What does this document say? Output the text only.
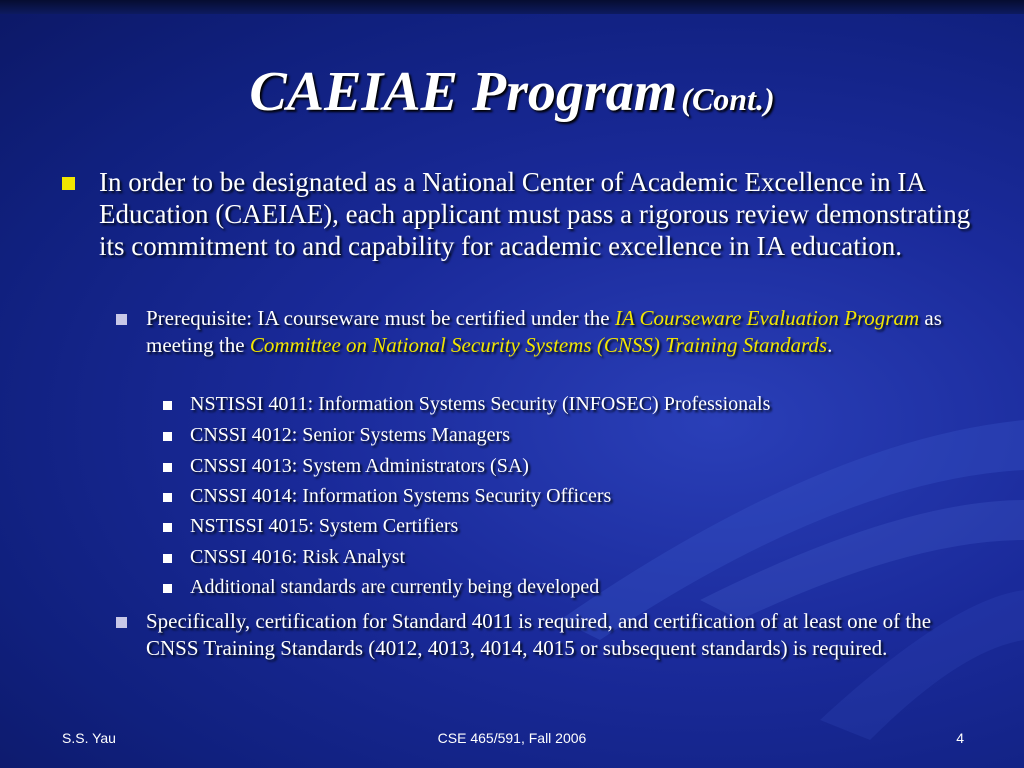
CAEIAE Program (Cont.)
In order to be designated as a National Center of Academic Excellence in IA Education (CAEIAE), each applicant must pass a rigorous review demonstrating its commitment to and capability for academic excellence in IA education.
Prerequisite: IA courseware must be certified under the IA Courseware Evaluation Program as meeting the Committee on National Security Systems (CNSS) Training Standards.
NSTISSI 4011: Information Systems Security (INFOSEC) Professionals
CNSSI 4012: Senior Systems Managers
CNSSI 4013: System Administrators (SA)
CNSSI 4014: Information Systems Security Officers
NSTISSI 4015: System Certifiers
CNSSI 4016: Risk Analyst
Additional standards are currently being developed
Specifically, certification for Standard 4011 is required, and certification of at least one of the CNSS Training Standards (4012, 4013, 4014, 4015 or subsequent standards) is required.
S.S. Yau	CSE 465/591, Fall 2006	4
